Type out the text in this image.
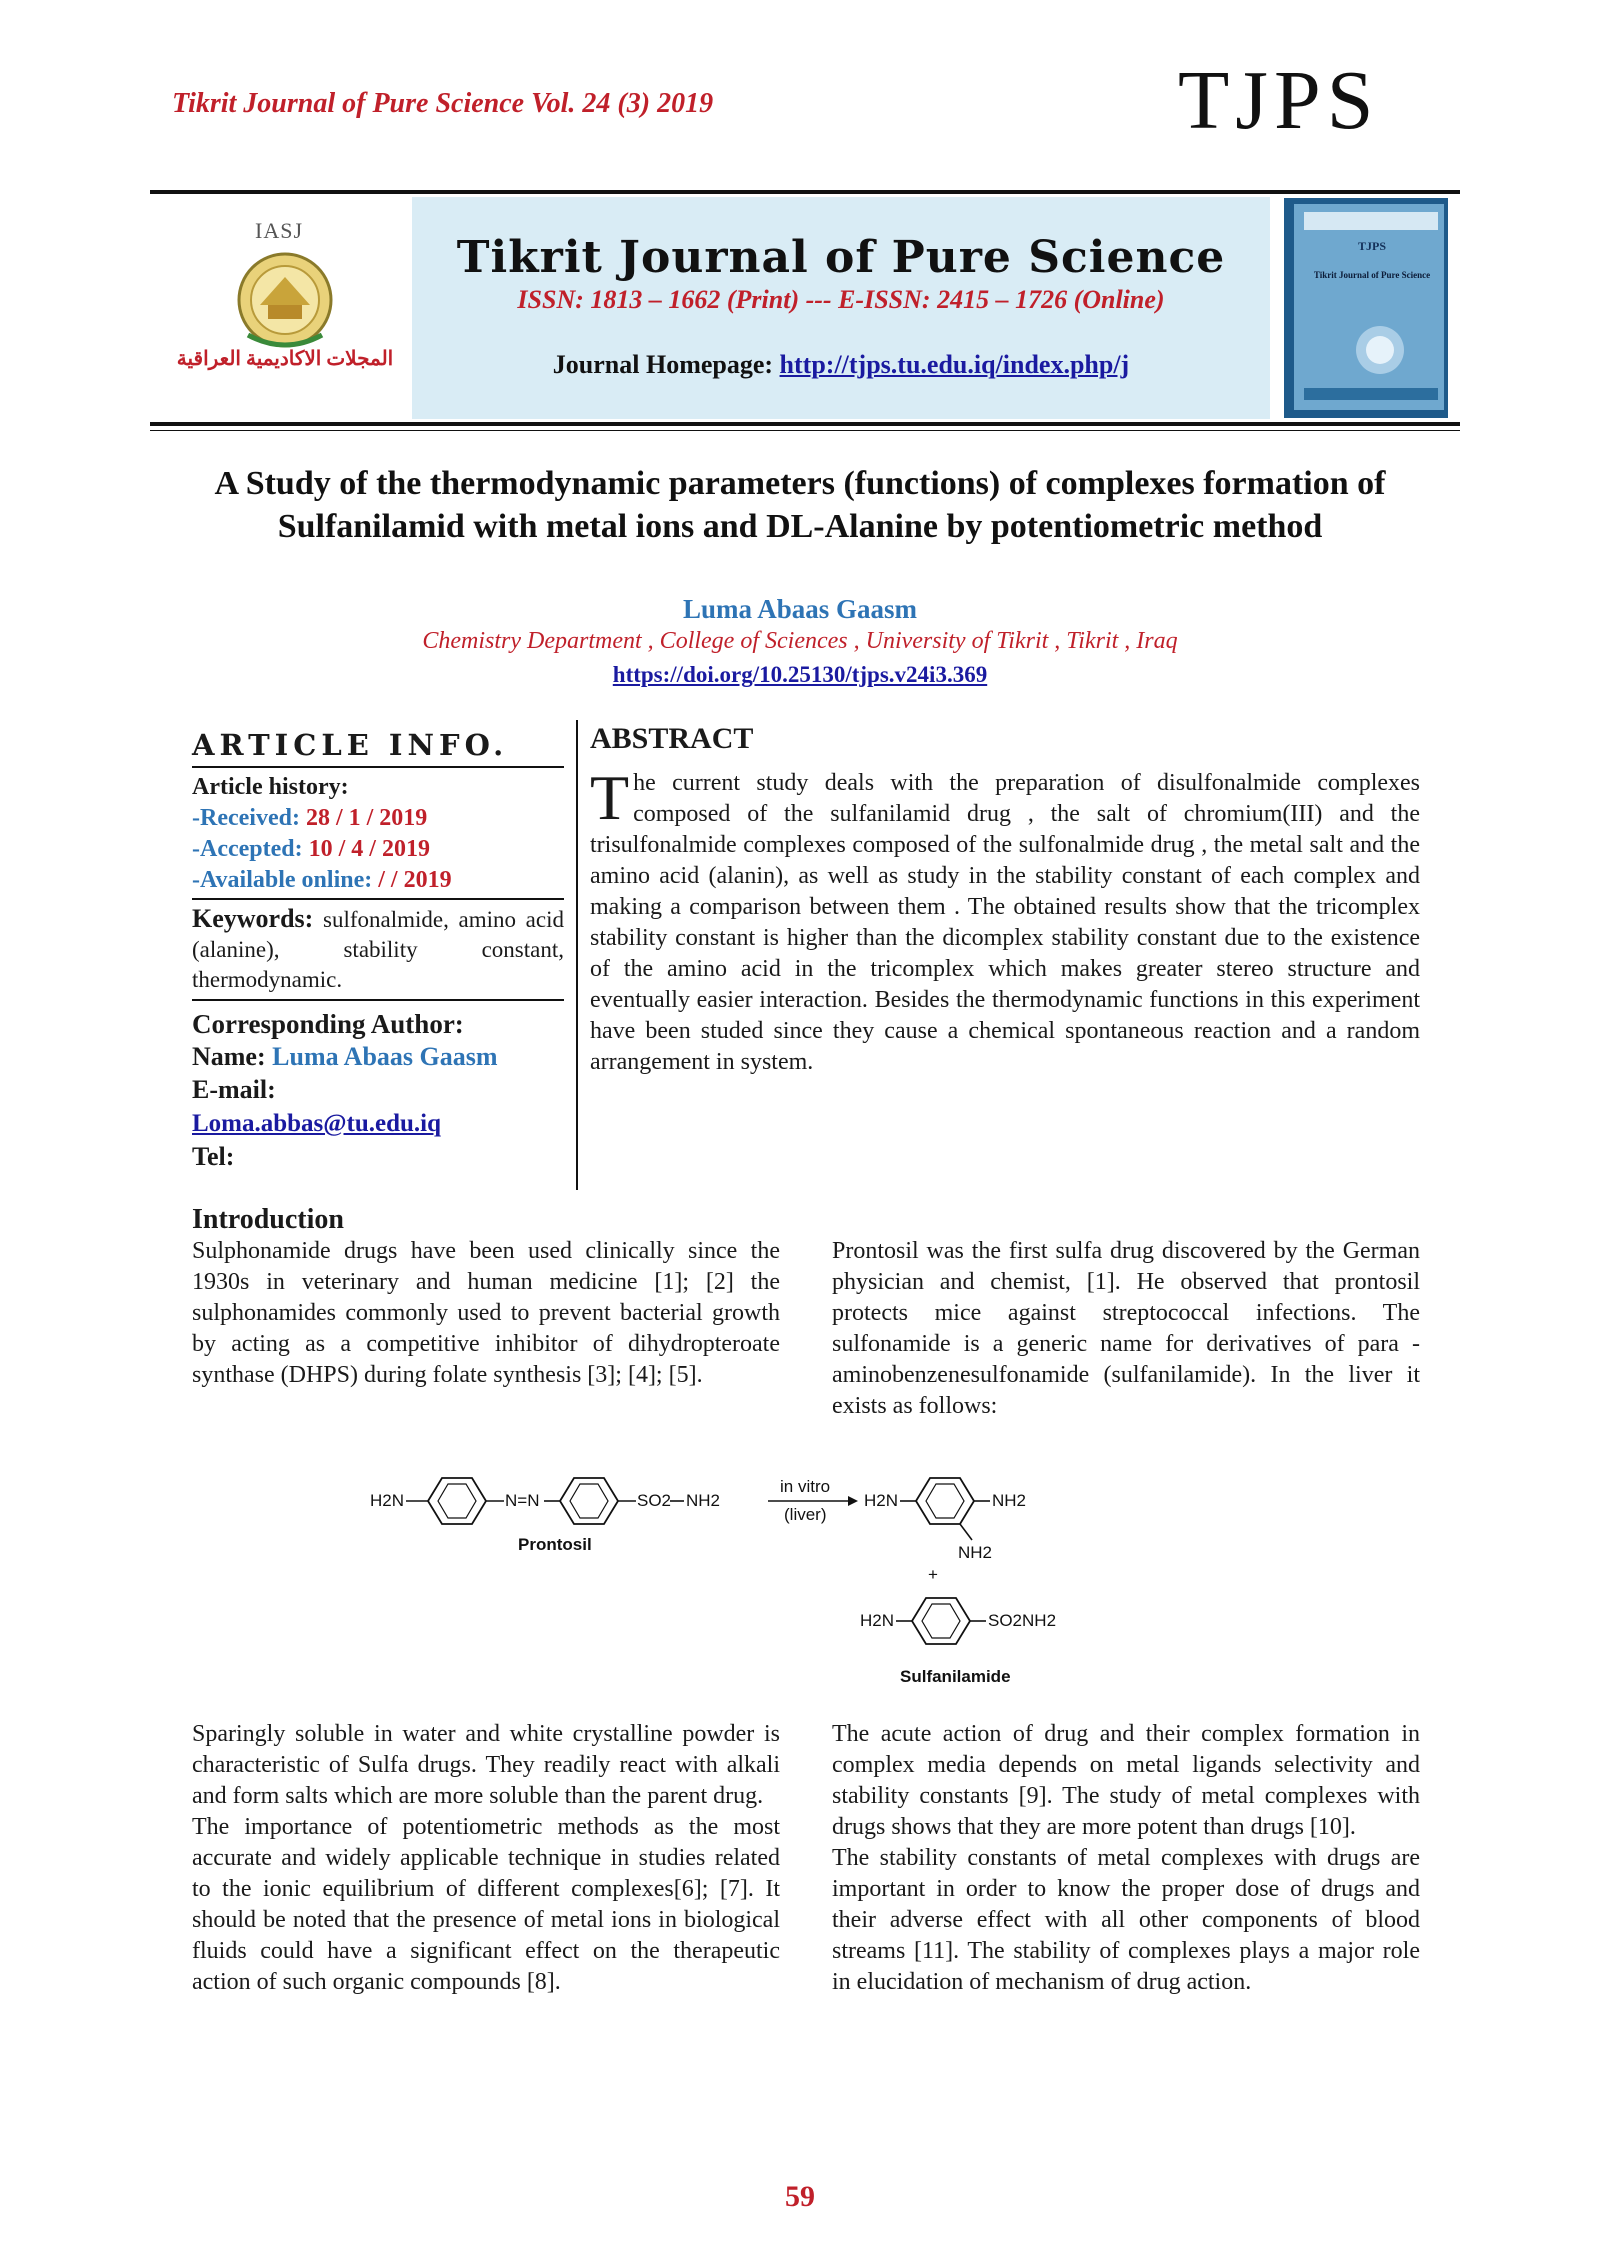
Tikrit Journal of Pure Science Vol. 24 (3) 2019	TJPS
IASJ
المجلات الاكاديمية العراقية
Tikrit Journal of Pure Science
ISSN: 1813 – 1662 (Print) --- E-ISSN: 2415 – 1726 (Online)
Journal Homepage: http://tjps.tu.edu.iq/index.php/j
TJPS
Tikrit Journal of Pure Science
A Study of the thermodynamic parameters (functions) of complexes formation of Sulfanilamid with metal ions and DL-Alanine by potentiometric method
Luma Abaas Gaasm
Chemistry Department , College of Sciences , University of Tikrit , Tikrit , Iraq
https://doi.org/10.25130/tjps.v24i3.369
ARTICLE INFO.
Article history:
-Received: 28 / 1 / 2019
-Accepted: 10 / 4 / 2019
-Available online: / / 2019
Keywords: sulfonalmide, amino acid (alanine), stability constant, thermodynamic.
Corresponding Author:
Name: Luma Abaas Gaasm
E-mail:
Loma.abbas@tu.edu.iq
Tel:
ABSTRACT
The current study deals with the preparation of disulfonalmide complexes composed of the sulfanilamid drug , the salt of chromium(III) and the trisulfonalmide complexes composed of the sulfonalmide drug , the metal salt and the amino acid (alanin), as well as study in the stability constant of each complex and making a comparison between them . The obtained results show that the tricomplex stability constant is higher than the dicomplex stability constant due to the existence of the amino acid in the tricomplex which makes greater stereo structure and eventually easier interaction. Besides the thermodynamic functions in this experiment have been studed since they cause a chemical spontaneous reaction and a random arrangement in system.
Introduction

Sulphonamide drugs have been used clinically since the 1930s in veterinary and human medicine [1]; [2] the sulphonamides commonly used to prevent bacterial growth by acting as a competitive inhibitor of dihydropteroate synthase (DHPS) during folate synthesis [3]; [4]; [5].

Prontosil was the first sulfa drug discovered by the German physician and chemist, [1]. He observed that prontosil protects mice against streptococcal infections. The sulfonamide is a generic name for derivatives of para - aminobenzenesulfonamide (sulfanilamide). In the liver it exists as follows:

H2N	N=N	SO2 NH2
Prontosil
in vitro
(liver)
H2N	NH2
NH2
+
H2N	SO2NH2
Sulfanilamide

Sparingly soluble in water and white crystalline powder is characteristic of Sulfa drugs. They readily react with alkali and form salts which are more soluble than the parent drug.

The importance of potentiometric methods as the most accurate and widely applicable technique in studies related to the ionic equilibrium of different complexes[6]; [7]. It should be noted that the presence of metal ions in biological fluids could have a significant effect on the therapeutic action of such organic compounds [8].

The acute action of drug and their complex formation in complex media depends on metal ligands selectivity and stability constants [9]. The study of metal complexes with drugs shows that they are more potent than drugs [10].

The stability constants of metal complexes with drugs are important in order to know the proper dose of drugs and their adverse effect with all other components of blood streams [11]. The stability of complexes plays a major role in elucidation of mechanism of drug action.

59
